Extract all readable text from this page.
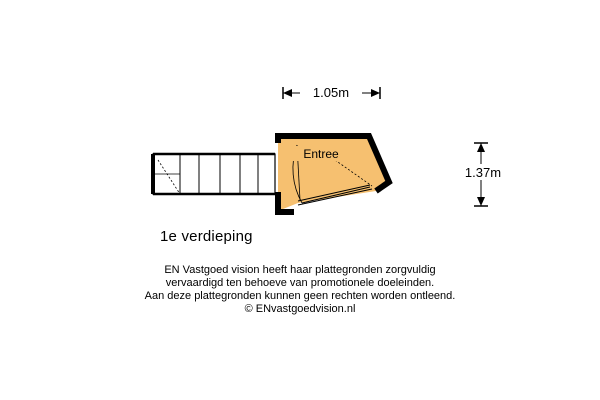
1.05m
1.37m
Entree
1e verdieping
EN Vastgoed vision heeft haar plattegronden zorgvuldig
vervaardigd ten behoeve van promotionele doeleinden.
Aan deze plattegronden kunnen geen rechten worden ontleend.
© ENvastgoedvision.nl
